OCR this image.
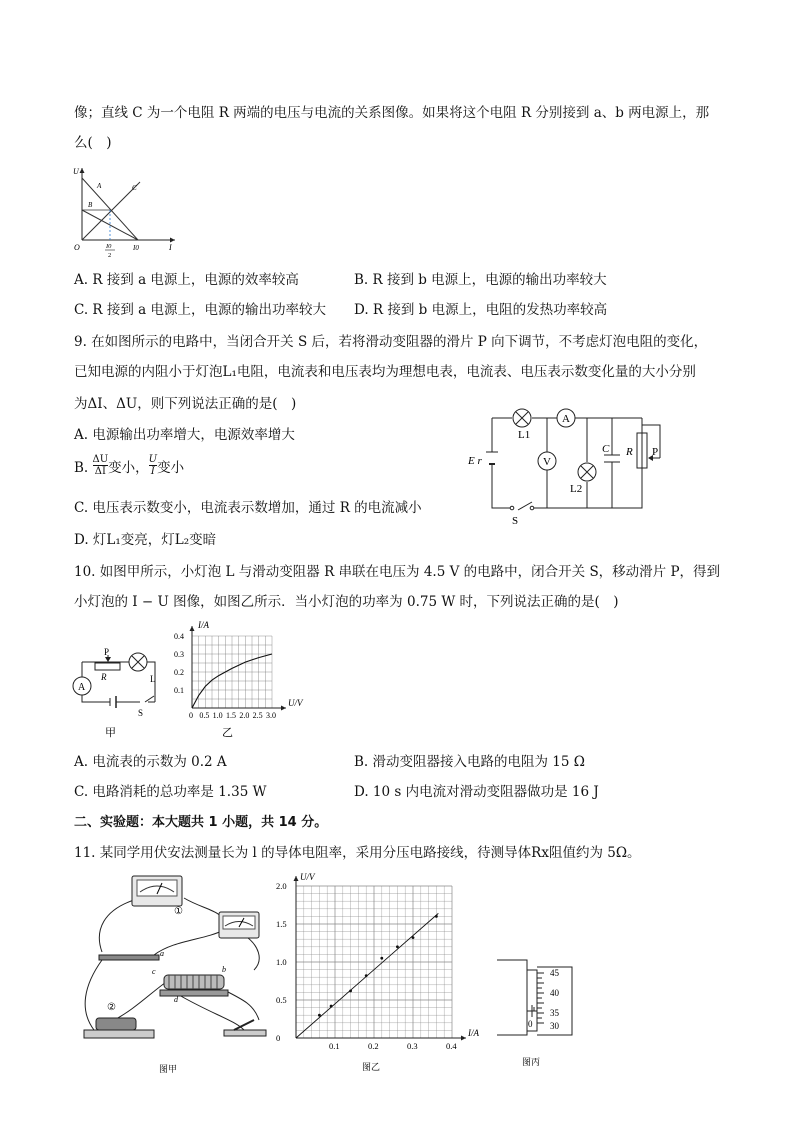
像；直线 C 为一个电阻 R 两端的电压与电流的关系图像。如果将这个电阻 R 分别接到 a、b 两电源上，那
么(　)
U
I
O
A
B
C
I0
2
I0
A. R 接到 a 电源上，电源的效率较高	B. R 接到 b 电源上，电源的输出功率较大
C. R 接到 a 电源上，电源的输出功率较大 D. R 接到 b 电源上，电阻的发热功率较高
9. 在如图所示的电路中，当闭合开关 S 后，若将滑动变阻器的滑片 P 向下调节，不考虑灯泡电阻的变化，
已知电源的内阻小于灯泡L₁电阻，电流表和电压表均为理想电表，电流表、电压表示数变化量的大小分别
为ΔI、ΔU，则下列说法正确的是(　)
A. 电源输出功率增大，电源效率增大
B. $\frac{\Delta U}{\Delta I}$ 变小， $\frac{U}{I}$ 变小
C. 电压表示数变小，电流表示数增加，通过 R 的电流减小
D. 灯L₁变亮，灯L₂变暗
A
V
L1
L2
C R P
E r
S
10. 如图甲所示，小灯泡 L 与滑动变阻器 R 串联在电压为 4.5 V 的电路中，闭合开关 S，移动滑片 P，得到
小灯泡的 I − U 图像，如图乙所示．当小灯泡的功率为 0.75 W 时，下列说法正确的是(　)
A
P
R	L
S
甲
0 0.5 1.0 1.5 2.0 2.5 3.0
0.1
0.2
0.3
0.4
I/A
U/V
乙
A. 电流表的示数为 0.2 A	B. 滑动变阻器接入电路的电阻为 15 Ω
C. 电路消耗的总功率是 1.35 W	D. 10 s 内电流对滑动变阻器做功是 16 J
二、实验题：本大题共 1 小题，共 14 分。
11. 某同学用伏安法测量长为 l 的导体电阻率，采用分压电路接线，待测导体Rx阻值约为 5Ω。
①
②
a
b
c
d
图甲
0
0.5
1.0
1.5
2.0
0.1	0.2	0.3	0.4
U/V
I/A
图乙
45
40
35
30
0
图丙
